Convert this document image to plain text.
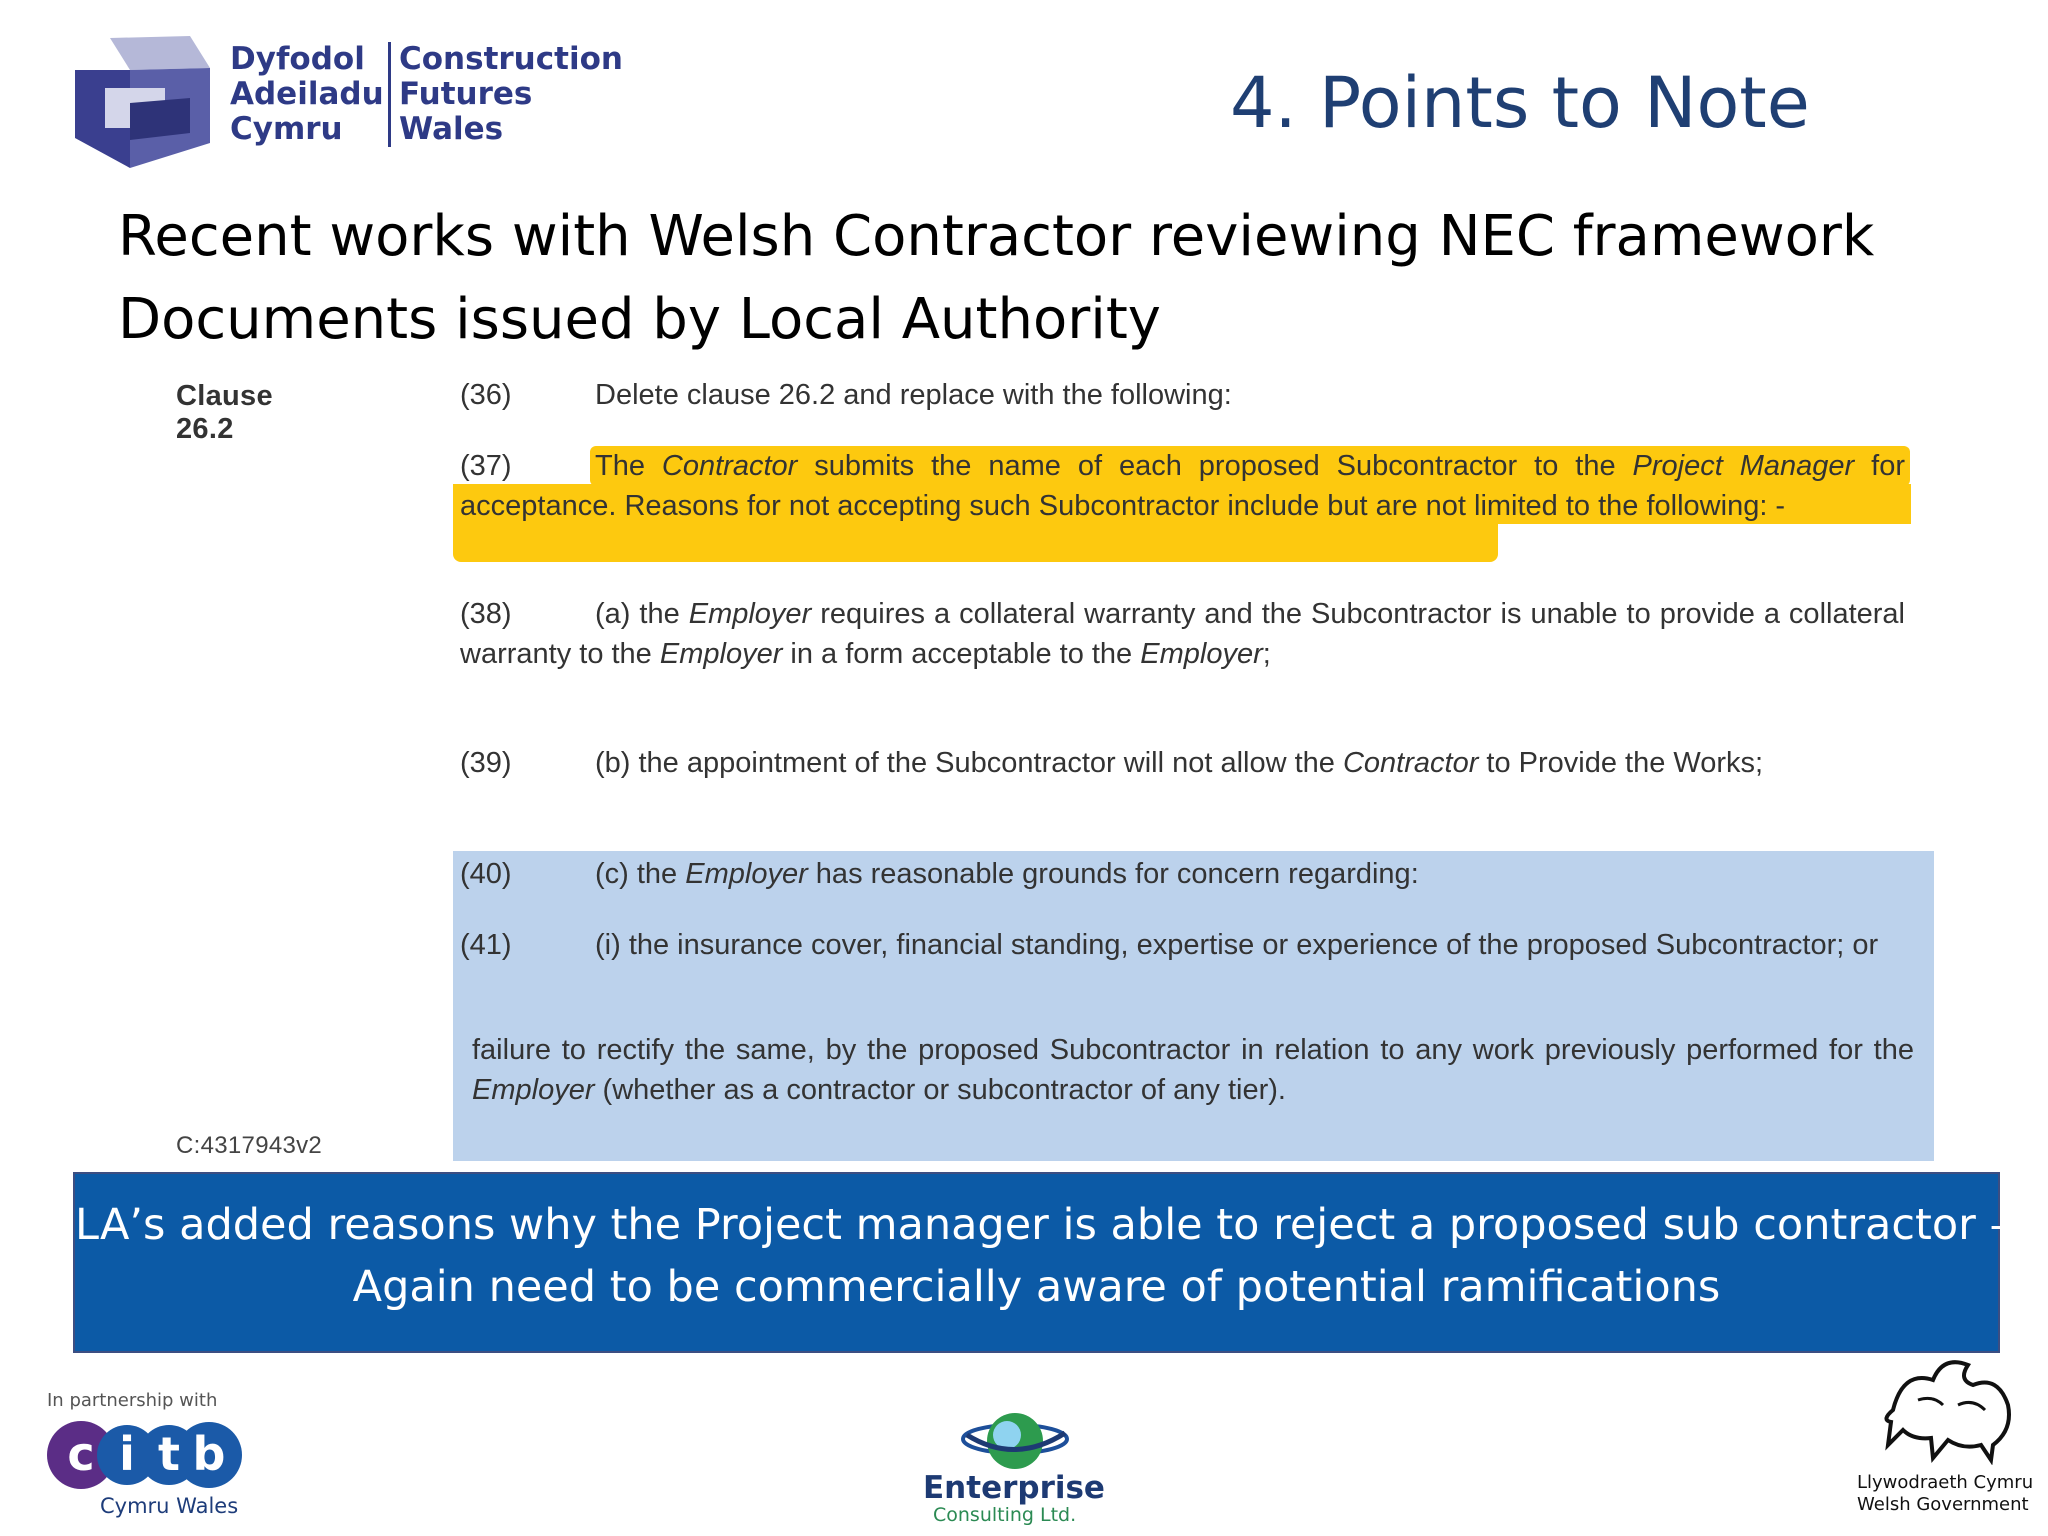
Dyfodol
Adeiladu
Cymru
Construction
Futures
Wales	4. Points to Note
Recent works with Welsh Contractor reviewing NEC framework
Documents issued by Local Authority
Clause 26.2
(36)	Delete clause 26.2 and replace with the following:
(37)	The Contractor submits the name of each proposed Subcontractor to the Project Manager for acceptance. Reasons for not accepting such Subcontractor include but are not limited to the following: -
(38)	(a) the Employer requires a collateral warranty and the Subcontractor is unable to provide a collateral warranty to the Employer in a form acceptable to the Employer;
(39)	(b) the appointment of the Subcontractor will not allow the Contractor to Provide the Works;
(40)	(c) the Employer has reasonable grounds for concern regarding:
(41)	(i) the insurance cover, financial standing, expertise or experience of the proposed Subcontractor; or
failure to rectify the same, by the proposed Subcontractor in relation to any work previously performed for the Employer (whether as a contractor or subcontractor of any tier).
C:4317943v2
LA’s added reasons why the Project manager is able to reject a proposed sub contractor –
Again need to be commercially aware of potential ramifications
In partnership with
c i t b
Cymru Wales	Enterprise
Consulting Ltd.
Llywodraeth Cymru
Welsh Government
